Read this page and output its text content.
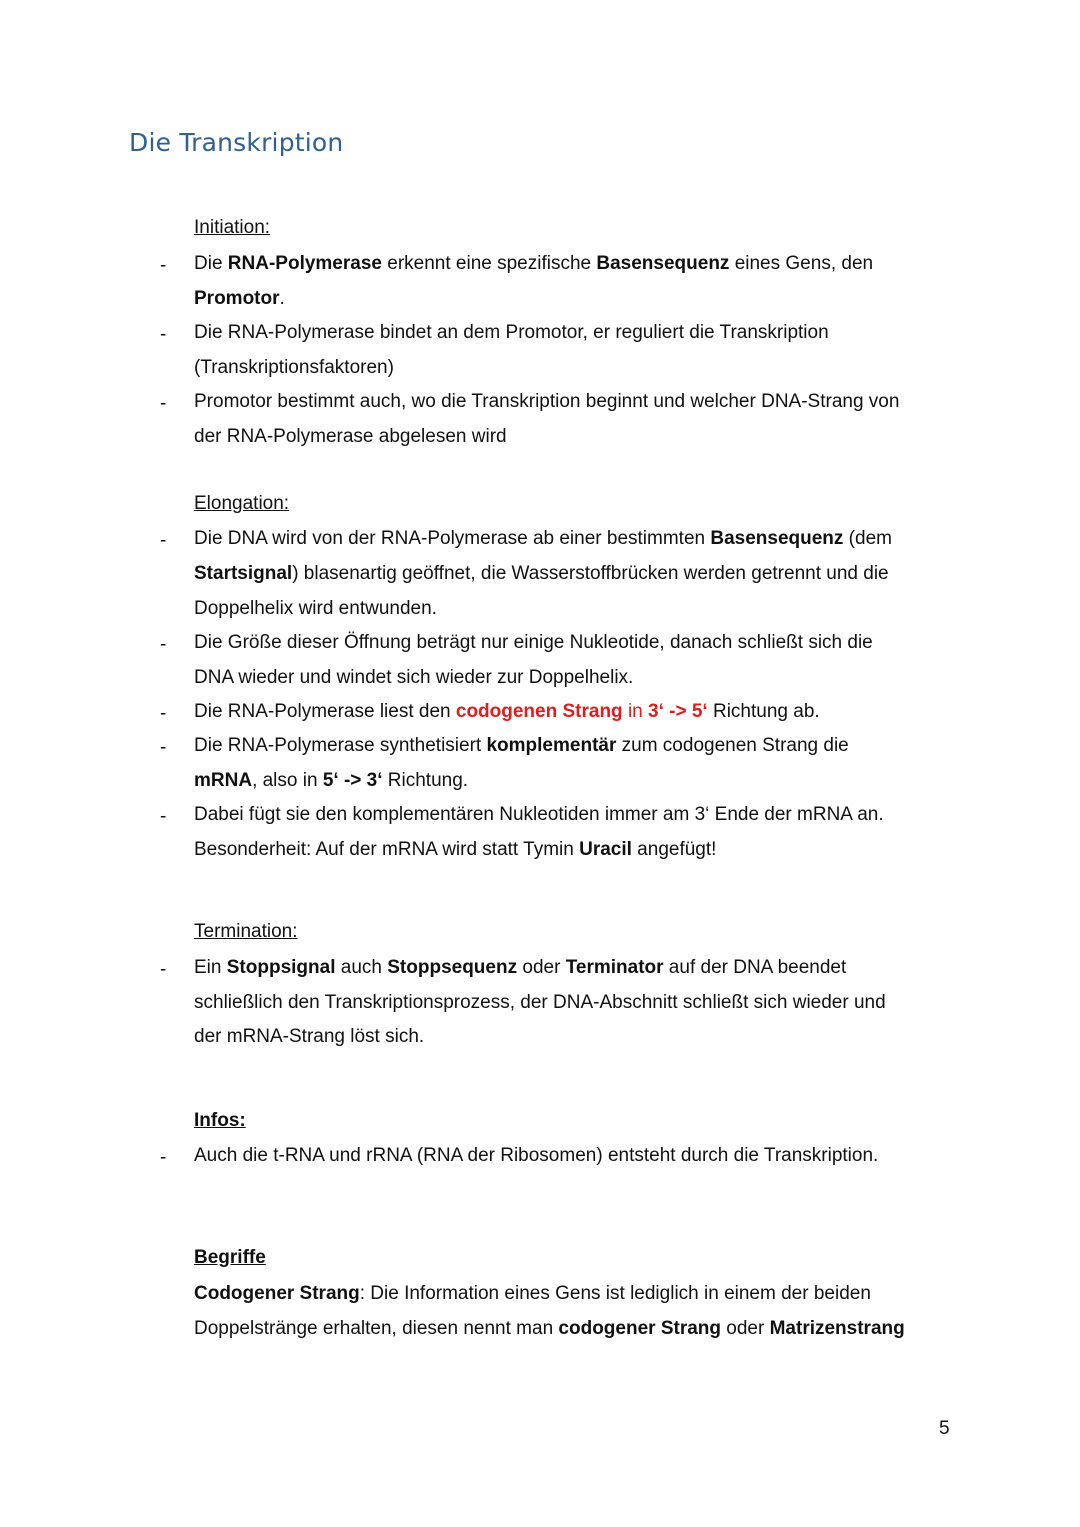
Die Transkription

Initiation:

- Die RNA-Polymerase erkennt eine spezifische Basensequenz eines Gens, den
Promotor.
- Die RNA-Polymerase bindet an dem Promotor, er reguliert die Transkription
(Transkriptionsfaktoren)
- Promotor bestimmt auch, wo die Transkription beginnt und welcher DNA-Strang von
der RNA-Polymerase abgelesen wird

Elongation:

- Die DNA wird von der RNA-Polymerase ab einer bestimmten Basensequenz (dem
Startsignal) blasenartig geöffnet, die Wasserstoffbrücken werden getrennt und die
Doppelhelix wird entwunden.
- Die Größe dieser Öffnung beträgt nur einige Nukleotide, danach schließt sich die
DNA wieder und windet sich wieder zur Doppelhelix.
- Die RNA-Polymerase liest den codogenen Strang in 3‘ -> 5‘ Richtung ab.
- Die RNA-Polymerase synthetisiert komplementär zum codogenen Strang die
mRNA, also in 5‘ -> 3‘ Richtung.
- Dabei fügt sie den komplementären Nukleotiden immer am 3‘ Ende der mRNA an.
Besonderheit: Auf der mRNA wird statt Tymin Uracil angefügt!

Termination:

- Ein Stoppsignal auch Stoppsequenz oder Terminator auf der DNA beendet
schließlich den Transkriptionsprozess, der DNA-Abschnitt schließt sich wieder und
der mRNA-Strang löst sich.

Infos:

- Auch die t-RNA und rRNA (RNA der Ribosomen) entsteht durch die Transkription.

Begriffe

Codogener Strang: Die Information eines Gens ist lediglich in einem der beiden
Doppelstränge erhalten, diesen nennt man codogener Strang oder Matrizenstrang
5
